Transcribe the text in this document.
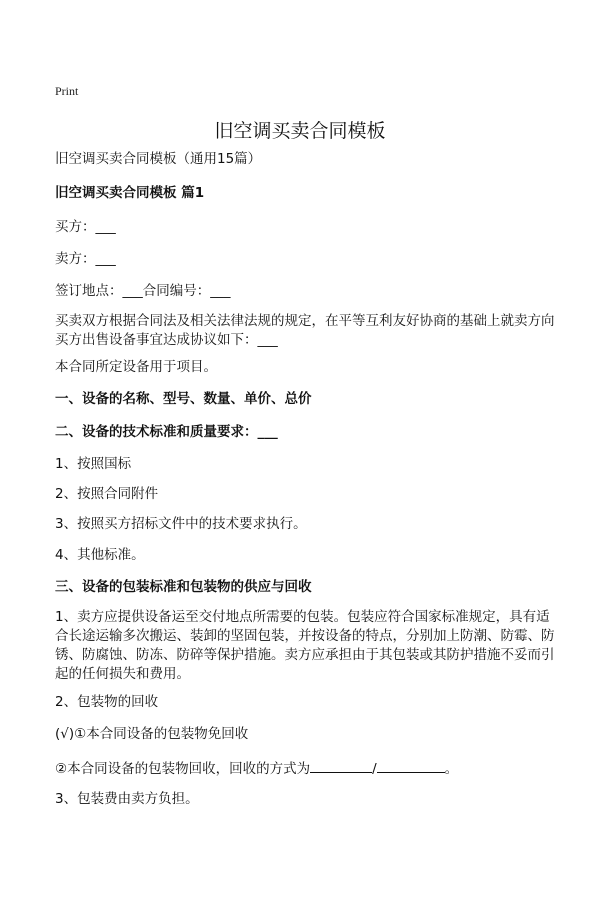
Print
旧空调买卖合同模板
旧空调买卖合同模板（通用15篇）
旧空调买卖合同模板 篇1
买方：___
卖方：___
签订地点：___合同编号：___
买卖双方根据合同法及相关法律法规的规定，在平等互利友好协商的基础上就卖方向买方出售设备事宜达成协议如下：___
本合同所定设备用于项目。
一、设备的名称、型号、数量、单价、总价
二、设备的技术标准和质量要求：___
1、按照国标
2、按照合同附件
3、按照买方招标文件中的技术要求执行。
4、其他标准。
三、设备的包装标准和包装物的供应与回收
1、卖方应提供设备运至交付地点所需要的包装。包装应符合国家标准规定，具有适合长途运输多次搬运、装卸的坚固包装，并按设备的特点，分别加上防潮、防霉、防锈、防腐蚀、防冻、防碎等保护措施。卖方应承担由于其包装或其防护措施不妥而引起的任何损失和费用。
2、包装物的回收
(√)①本合同设备的包装物免回收
②本合同设备的包装物回收，回收的方式为	/	。
3、包装费由卖方负担。
